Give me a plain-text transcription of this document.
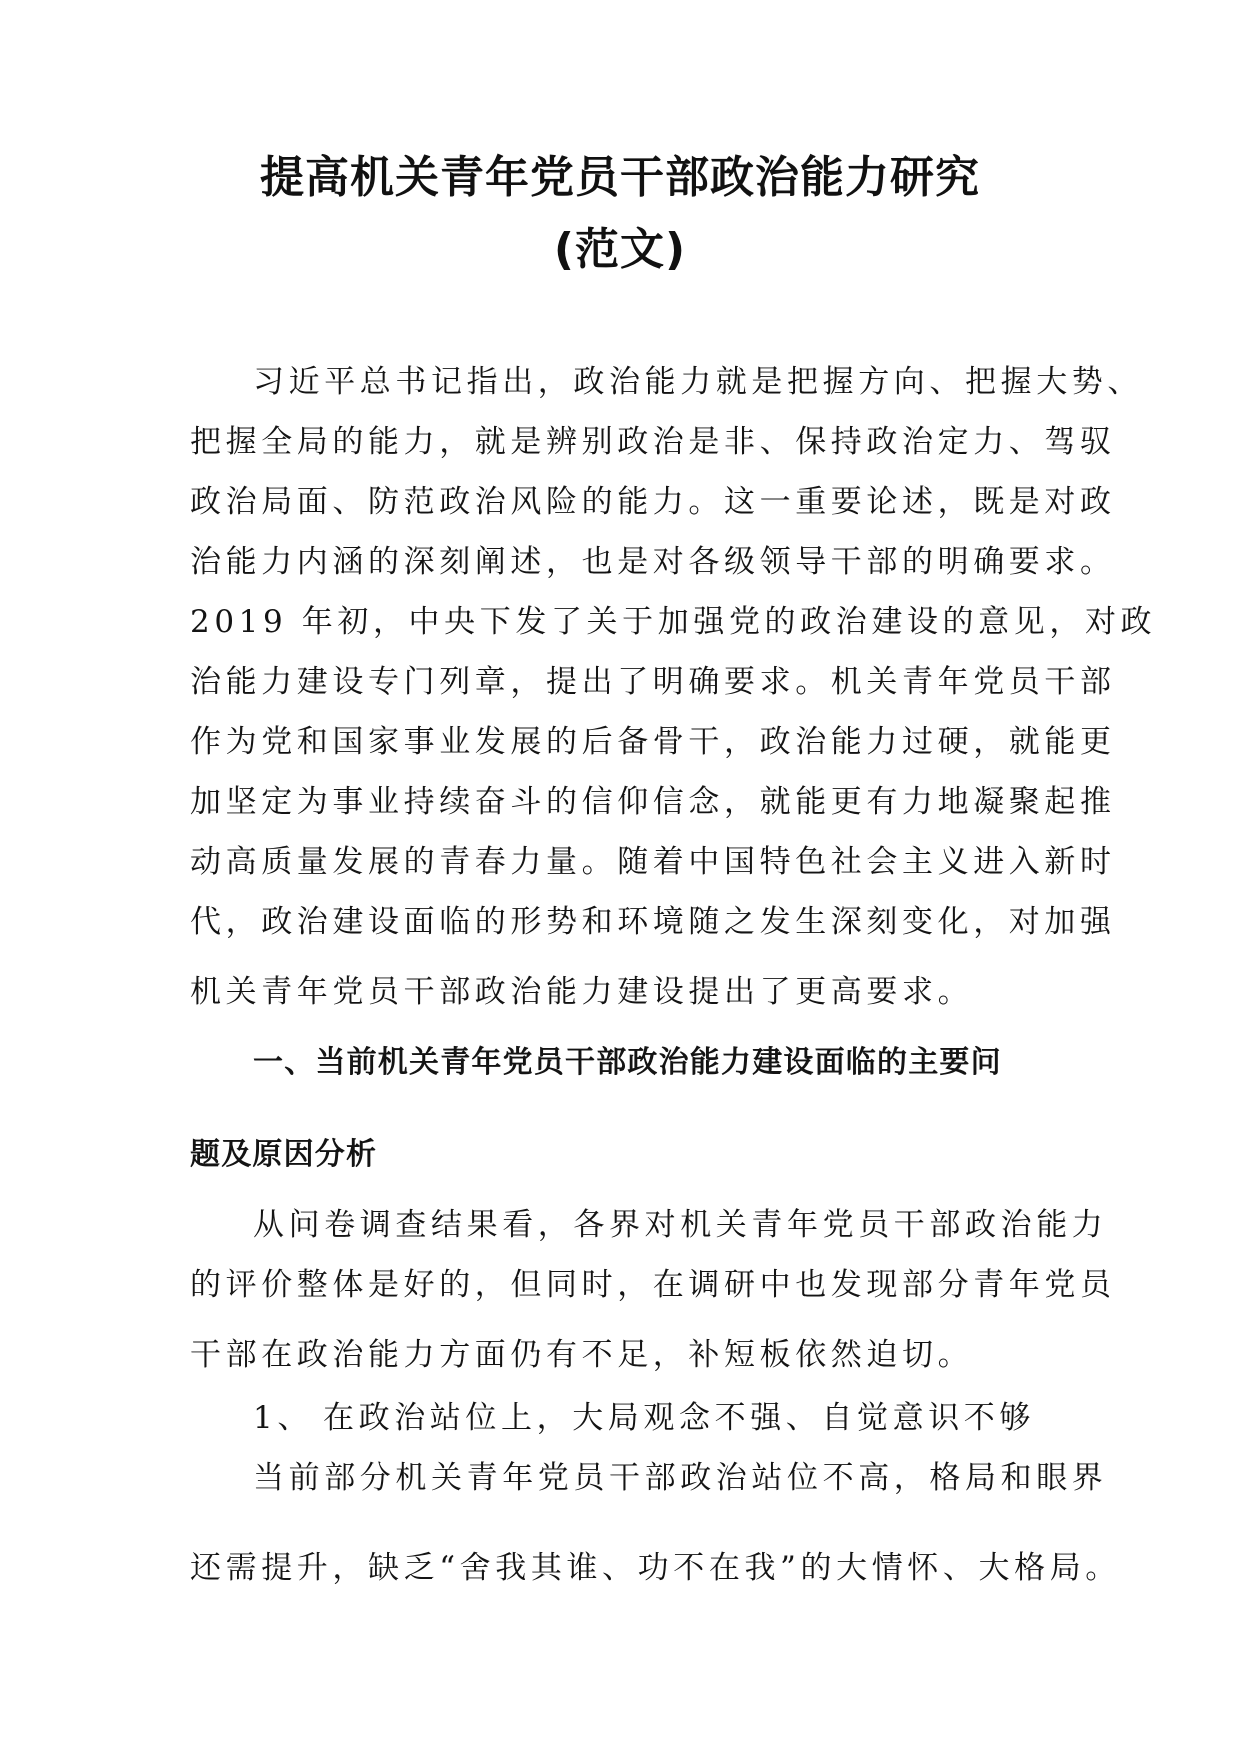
提高机关青年党员干部政治能力研究
(范文)

习近平总书记指出，政治能力就是把握方向、把握大势、

把握全局的能力，就是辨别政治是非、保持政治定力、驾驭

政治局面、防范政治风险的能力。这一重要论述，既是对政

治能力内涵的深刻阐述，也是对各级领导干部的明确要求。

2019 年初，中央下发了关于加强党的政治建设的意见，对政

治能力建设专门列章，提出了明确要求。机关青年党员干部

作为党和国家事业发展的后备骨干，政治能力过硬，就能更

加坚定为事业持续奋斗的信仰信念，就能更有力地凝聚起推

动高质量发展的青春力量。随着中国特色社会主义进入新时

代，政治建设面临的形势和环境随之发生深刻变化，对加强

机关青年党员干部政治能力建设提出了更高要求。

一、当前机关青年党员干部政治能力建设面临的主要问

题及原因分析

从问卷调查结果看，各界对机关青年党员干部政治能力

的评价整体是好的，但同时，在调研中也发现部分青年党员

干部在政治能力方面仍有不足，补短板依然迫切。

1、 在政治站位上，大局观念不强、自觉意识不够

当前部分机关青年党员干部政治站位不高，格局和眼界

还需提升，缺乏“舍我其谁、功不在我”的大情怀、大格局。
